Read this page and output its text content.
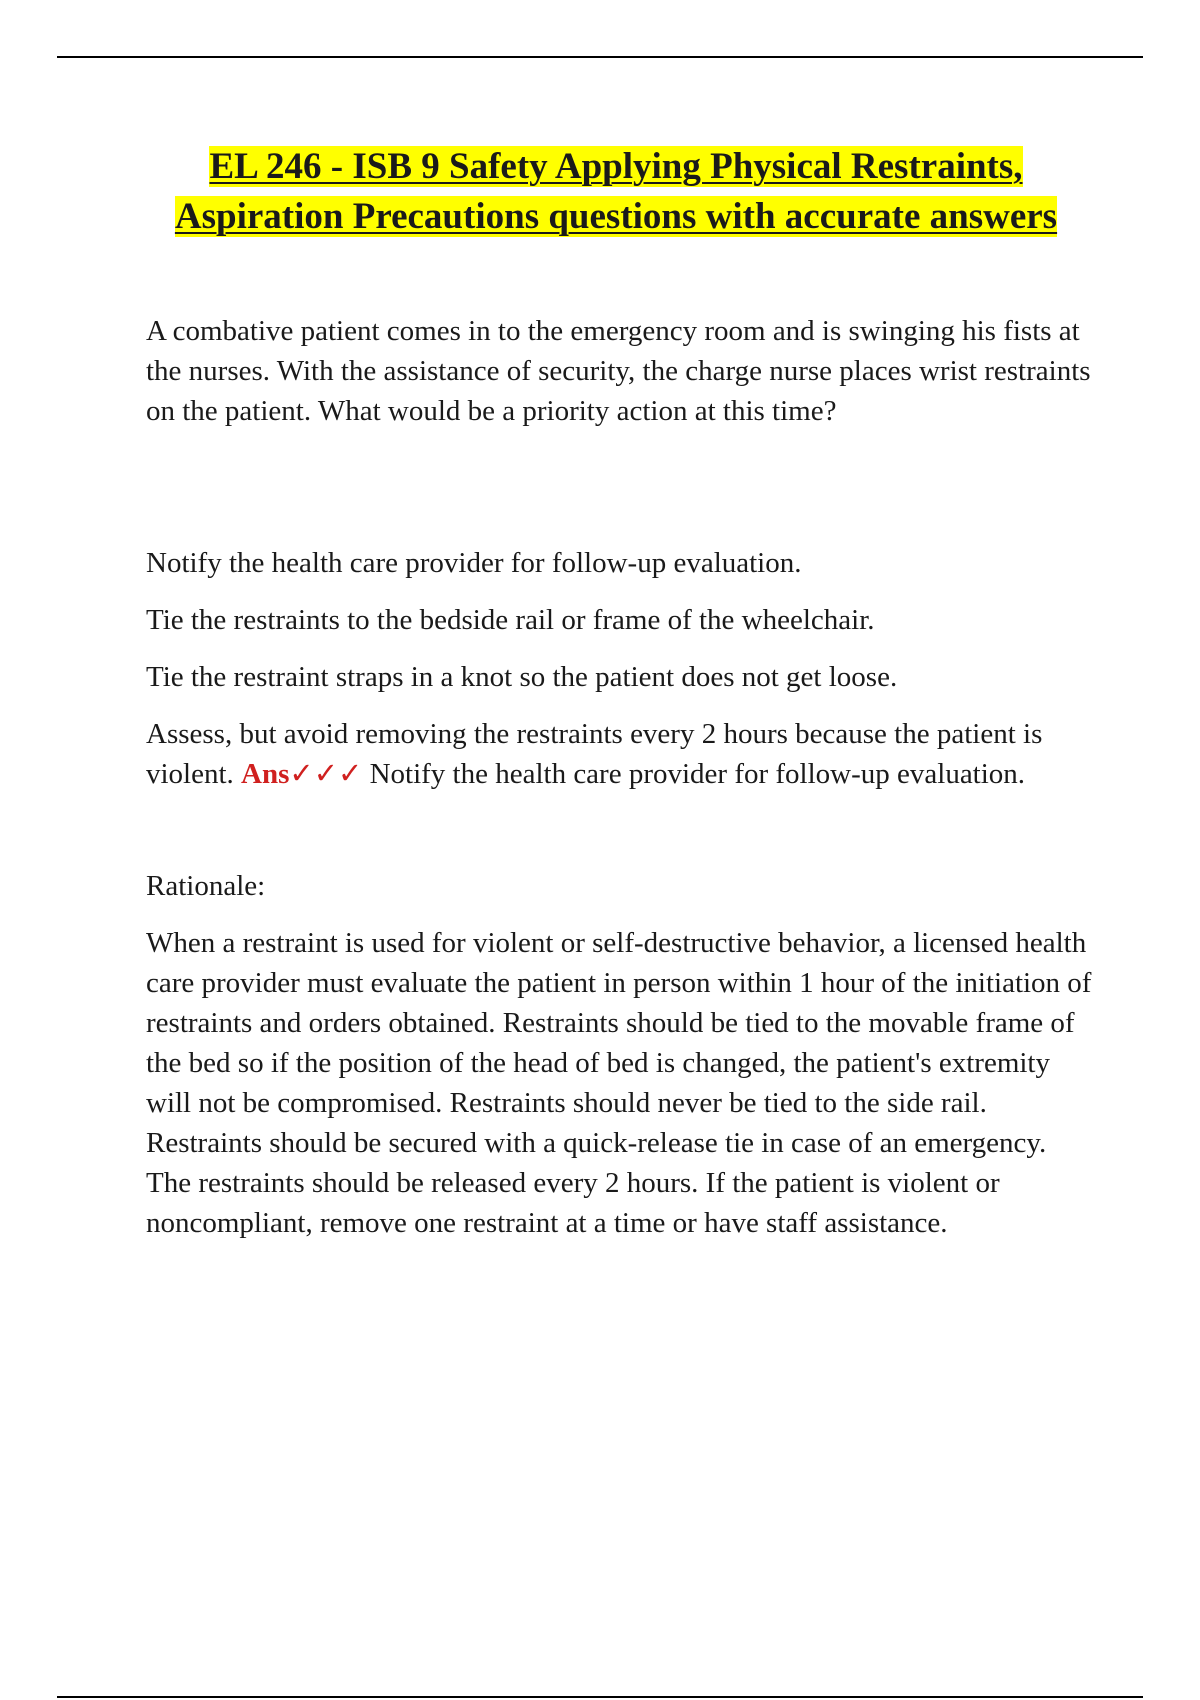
EL 246 - ISB 9 Safety Applying Physical Restraints, Aspiration Precautions questions with accurate answers

A combative patient comes in to the emergency room and is swinging his fists at the nurses. With the assistance of security, the charge nurse places wrist restraints on the patient. What would be a priority action at this time?

Notify the health care provider for follow-up evaluation.

Tie the restraints to the bedside rail or frame of the wheelchair.

Tie the restraint straps in a knot so the patient does not get loose.

Assess, but avoid removing the restraints every 2 hours because the patient is violent. Ans✓✓✓ Notify the health care provider for follow-up evaluation.

Rationale:

When a restraint is used for violent or self-destructive behavior, a licensed health care provider must evaluate the patient in person within 1 hour of the initiation of restraints and orders obtained. Restraints should be tied to the movable frame of the bed so if the position of the head of bed is changed, the patient's extremity will not be compromised. Restraints should never be tied to the side rail. Restraints should be secured with a quick-release tie in case of an emergency. The restraints should be released every 2 hours. If the patient is violent or noncompliant, remove one restraint at a time or have staff assistance.
